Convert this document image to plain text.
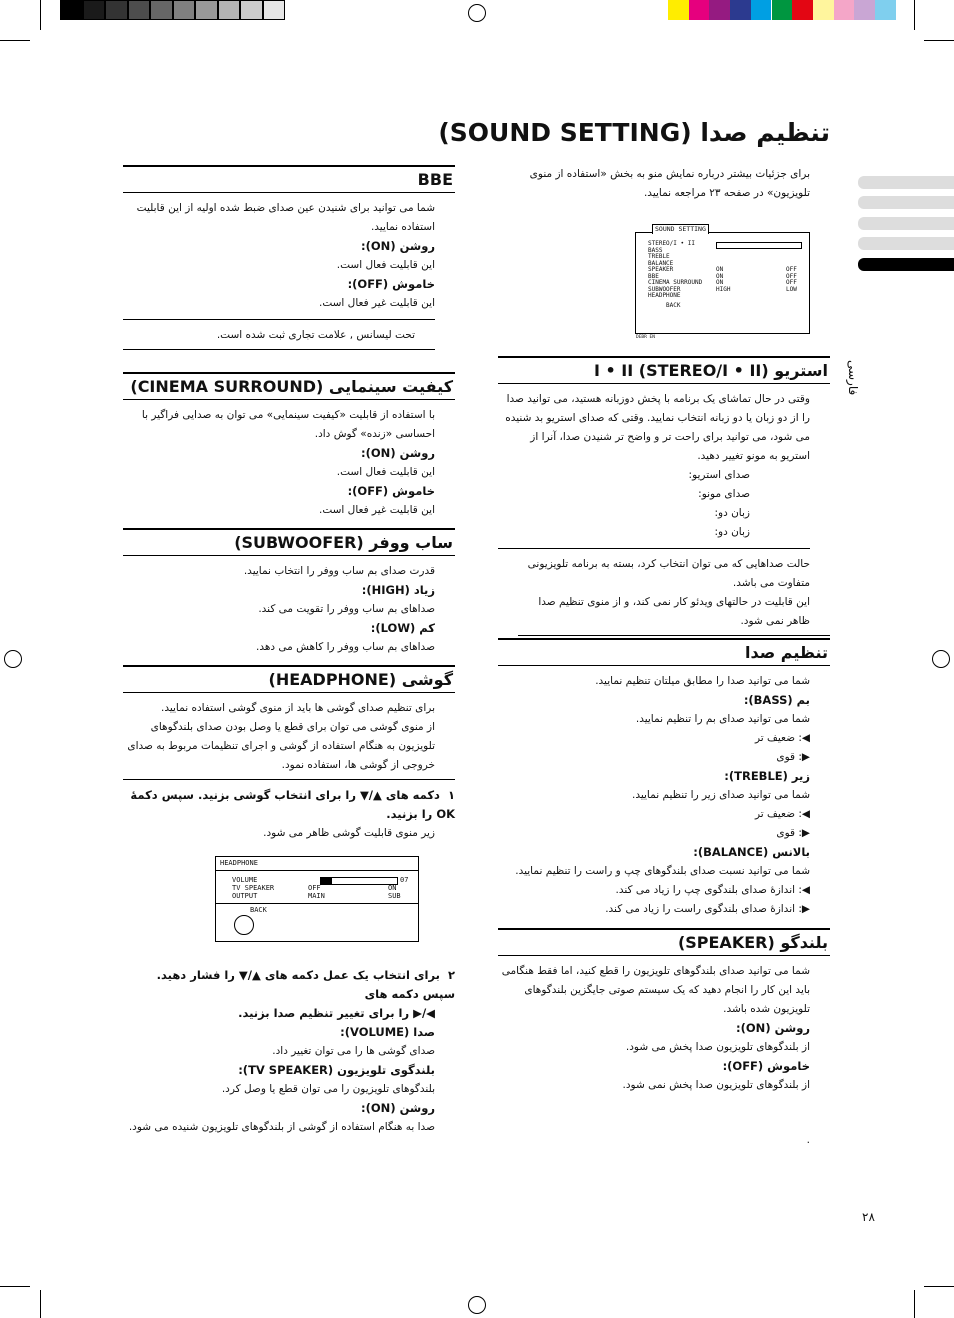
فارسی
تنظیم صدا (SOUND SETTING)
برای جزئیات بیشتر درباره نمایش منو به بخش «استفاده از منوی تلویزیون» در صفحه ۲۳ مراجعه نمایید.
SOUND SETTING
STEREO/I • II
BASS
TREBLE
BALANCE
SPEAKER
BBE
CINEMA SURROUND
SUBWOOFER
HEADPHONE
ON
ON
ON
HIGH
OFF
OFF
OFF
LOW
BACK
DEBR EN
استریو I • II (STEREO/I • II)
وقتی در حال تماشای یک برنامه با پخش دوزبانه هستید، می توانید صدا را از دو زبان یا دو زبانه انتخاب نمایید. وقتی که صدای استریو بد شنیده می شود، می توانید برای راحت تر و واضح تر شنیدن صدا، آنرا از استریو به مونو تغییر دهید.
صدای استریو:
صدای مونو:
زبان دو:
زبان دو:
حالت صداهایی که می توان انتخاب کرد، بسته به برنامه تلویزیونی متفاوت می باشد.
این قابلیت در حالتهای ویدئو کار نمی کند، و از منوی تنظیم صدا ظاهر نمی شود.
تنظیم صدا
شما می توانید صدا را مطابق میلتان تنظیم نمایید.
بم (BASS):
شما می توانید صدای بم را تنظیم نمایید.
◀: ضعیف تر
▶: قوی
زیر (TREBLE):
شما می توانید صدای زیر را تنظیم نمایید.
◀: ضعیف تر
▶: قوی
بالانس (BALANCE):
شما می توانید نسبت صدای بلندگوهای چپ و راست را تنظیم نمایید.
◀: اندازهٔ صدای بلندگوی چپ را زیاد می کند.
▶: اندازهٔ صدای بلندگوی راست را زیاد می کند.
بلندگو (SPEAKER)
شما می توانید صدای بلندگوهای تلویزیون را قطع کنید، اما فقط هنگامی باید این کار را انجام دهید که یک سیستم صوتی جایگزین بلندگوهای تلویزیون شده باشد.
روشن (ON):
از بلندگوهای تلویزیون صدا پخش می شود.
خاموش (OFF):
از بلندگوهای تلویزیون صدا پخش نمی شود.
.
BBE
شما می توانید برای شنیدن عین صدای ضبط شده اولیه از این قابلیت استفاده نمایید.
روشن (ON):
این قابلیت فعال است.
خاموش (OFF):
این قابلیت غیر فعال است.
تحت لیسانس , علامت تجاری ثبت شده است.
کیفیت سینمایی (CINEMA SURROUND)
با استفاده از قابلیت «کیفیت سینمایی» می توان به صدایی فراگیر با احساسی «زنده» گوش داد.
روشن (ON):
این قابلیت فعال است.
خاموش (OFF):
این قابلیت غیر فعال است.
ساب ووفر (SUBWOOFER)
قدرت صدای بم ساب ووفر را انتخاب نمایید.
زیاد (HIGH):
صداهای بم ساب ووفر را تقویت می کند.
کم (LOW):
صداهای بم ساب ووفر را کاهش می دهد.
گوشی (HEADPHONE)
برای تنظیم صدای گوشی ها باید از منوی گوشی استفاده نمایید.
از منوی گوشی می توان برای قطع یا وصل بودن صدای بلندگوهای تلویزیون به هنگام استفاده از گوشی و اجرای تنظیمات مربوط به صدای خروجی از گوشی ها، استفاده نمود.
۱  دکمه های ▲/▼ را برای انتخاب گوشی بزنید. سپس دکمهٔ OK را بزنید.
زیر منوی قابلیت گوشی ظاهر می شود.
HEADPHONE
VOLUME
TV SPEAKER
OUTPUT
07
OFF	ON
MAIN	SUB
BACK
۲  برای انتخاب یک عمل دکمه های ▲/▼ را فشار دهید. سپس دکمه های
◀/▶ را برای تغییر تنظیم صدا بزنید.
صدا (VOLUME):
صدای گوشی ها را می توان تغییر داد.
بلندگوی تلویزیون (TV SPEAKER):
بلندگوهای تلویزیون را می توان قطع یا وصل کرد.
روشن (ON):
صدا به هنگام استفاده از گوشی از بلندگوهای تلویزیون شنیده می شود.
۲۸
